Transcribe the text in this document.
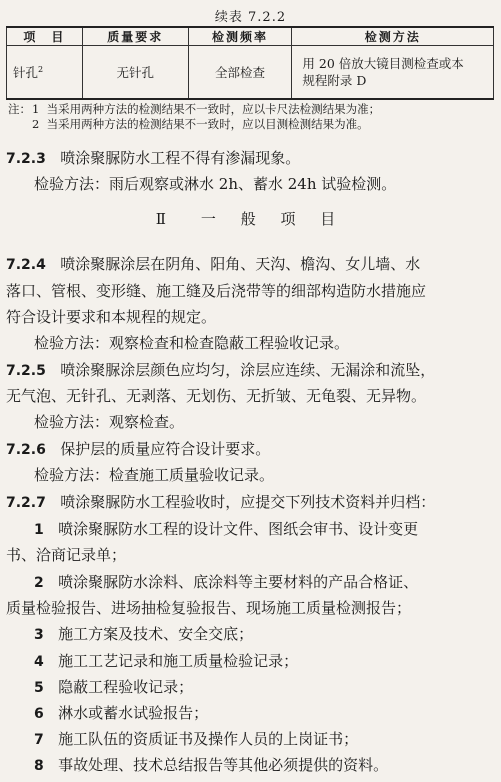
续表 7.2.2
项　目	质量要求	检测频率	检测方法
针孔$^2$	无针孔	全部检查	用 20 倍放大镜目测检查或本
规程附录 D
注：1 当采用两种方法的检测结果不一致时，应以卡尺法检测结果为准；
2 当采用两种方法的检测结果不一致时，应以目测检测结果为准。
7.2.3 喷涂聚脲防水工程不得有渗漏现象。
检验方法：雨后观察或淋水 2h、蓄水 24h 试验检测。
Ⅱ　一 般 项 目
7.2.4 喷涂聚脲涂层在阴角、阳角、天沟、檐沟、女儿墙、水
落口、管根、变形缝、施工缝及后浇带等的细部构造防水措施应
符合设计要求和本规程的规定。
检验方法：观察检查和检查隐蔽工程验收记录。
7.2.5 喷涂聚脲涂层颜色应均匀，涂层应连续、无漏涂和流坠，
无气泡、无针孔、无剥落、无划伤、无折皱、无龟裂、无异物。
检验方法：观察检查。
7.2.6 保护层的质量应符合设计要求。
检验方法：检查施工质量验收记录。
7.2.7 喷涂聚脲防水工程验收时，应提交下列技术资料并归档：
1 喷涂聚脲防水工程的设计文件、图纸会审书、设计变更
书、洽商记录单；
2 喷涂聚脲防水涂料、底涂料等主要材料的产品合格证、
质量检验报告、进场抽检复验报告、现场施工质量检测报告；
3 施工方案及技术、安全交底；
4 施工工艺记录和施工质量检验记录；
5 隐蔽工程验收记录；
6 淋水或蓄水试验报告；
7 施工队伍的资质证书及操作人员的上岗证书；
8 事故处理、技术总结报告等其他必须提供的资料。
